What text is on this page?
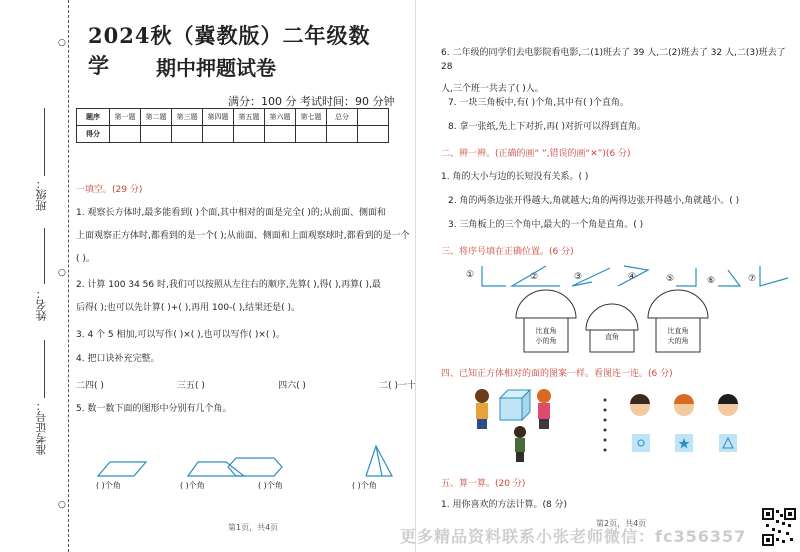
班级：
姓名：
准考证号：
○
○
○
2024秋（冀教版）二年级数学	期中押题试卷
满分：100 分 考试时间：90 分钟
题序	第一题	第二题	第三题	第四题	第五题	第六题	第七题	总分	
得分									
一填空。(29 分)
1. 观察长方体时,最多能看到( )个面,其中相对的面是完全( )的;从前面、侧面和
上面观察正方体时,都看到的是一个( );从前面、侧面和上面观察球时,都看到的是一个
( )。
2. 计算 100 34 56 时,我们可以按照从左往右的顺序,先算( ),得( ),再算( ),最
后得( );也可以先计算( )+( ),再用 100-( ),结果还是( )。
3. 4 个 5 相加,可以写作( )×( ),也可以写作( )×( )。
4. 把口诀补充完整。
二四( )	三五( )	四六( )	二( )一十
5. 数一数下面的图形中分别有几个角。
( )个角	( )个角	( )个角	( )个角
第1页，共4页
6. 二年级的同学们去电影院看电影,二(1)班去了 39 人,二(2)班去了 32 人,二(3)班去了 28
人,三个班一共去了( )人。
7. 一块三角板中,有( )个角,其中有( )个直角。
8. 拿一张纸,先上下对折,再( )对折可以得到直角。
二、辨一辨。(正确的画“ ”,错误的画“✕”)(6 分)
1. 角的大小与边的长短没有关系。( )
2. 角的两条边张开得越大,角就越大;角的两得边张开得越小,角就越小。( )
3. 三角板上的三个角中,最大的一个角是直角。( )
三、将序号填在正确位置。(6 分)
①	②	③	④	⑤	⑥	⑦
比直角
小的角	直角
比直角
大的角
四、已知正方体相对的面的图案一样。看图连一连。(6 分)
五、算一算。(20 分)
1. 用你喜欢的方法计算。(8 分)
第2页，共4页
更多精品资料联系小张老师微信：fc356357
